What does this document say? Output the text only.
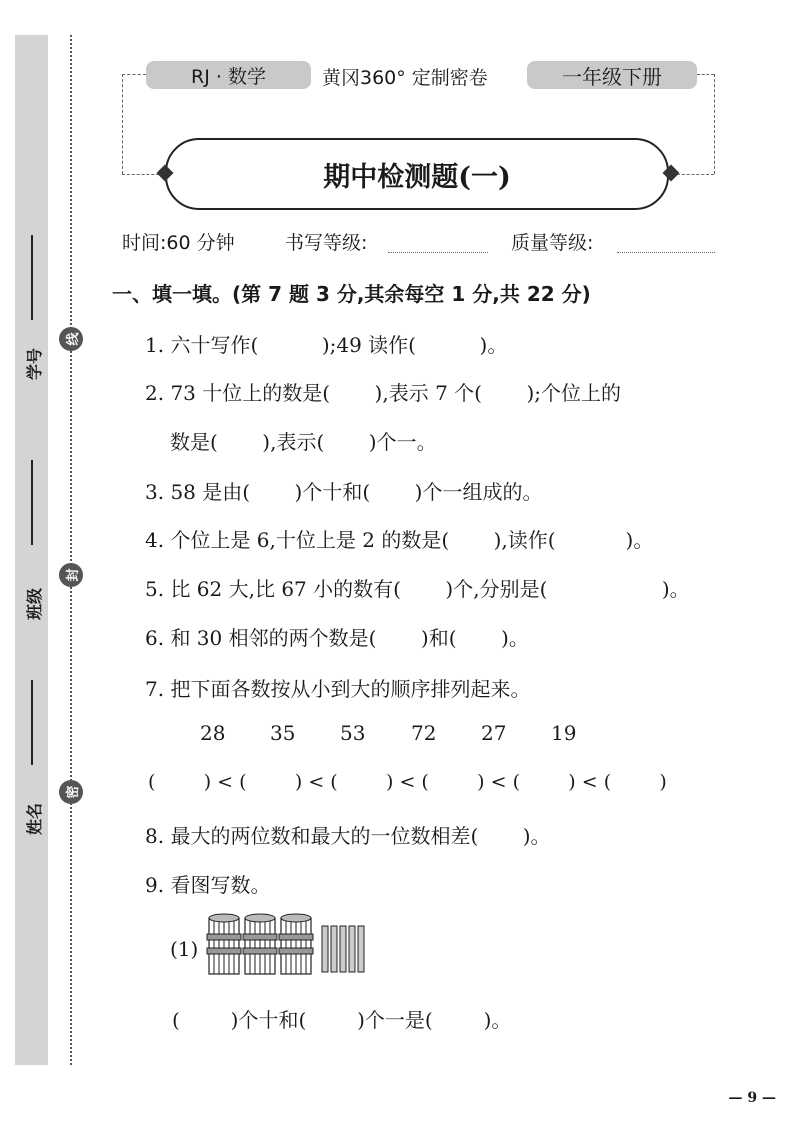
学号
班级
姓名
线
封
密
RJ · 数学	黄冈360° 定制密卷	一年级下册
期中检测题(一)
时间:60 分钟	书写等级:	质量等级:
一、填一填。(第 7 题 3 分,其余每空 1 分,共 22 分)
1. 六十写作(          );49 读作(          )。
2. 73 十位上的数是(       ),表示 7 个(       );个位上的
数是(       ),表示(       )个一。
3. 58 是由(       )个十和(       )个一组成的。
4. 个位上是 6,十位上是 2 的数是(       ),读作(           )。
5. 比 62 大,比 67 小的数有(       )个,分别是(                  )。
6. 和 30 相邻的两个数是(       )和(       )。
7. 把下面各数按从小到大的顺序排列起来。
28 35 53 72 27 19
(        ) < (        ) < (        ) < (        ) < (        ) < (        )
8. 最大的两位数和最大的一位数相差(       )。
9. 看图写数。
(1)
(        )个十和(        )个一是(        )。
— 9 —
